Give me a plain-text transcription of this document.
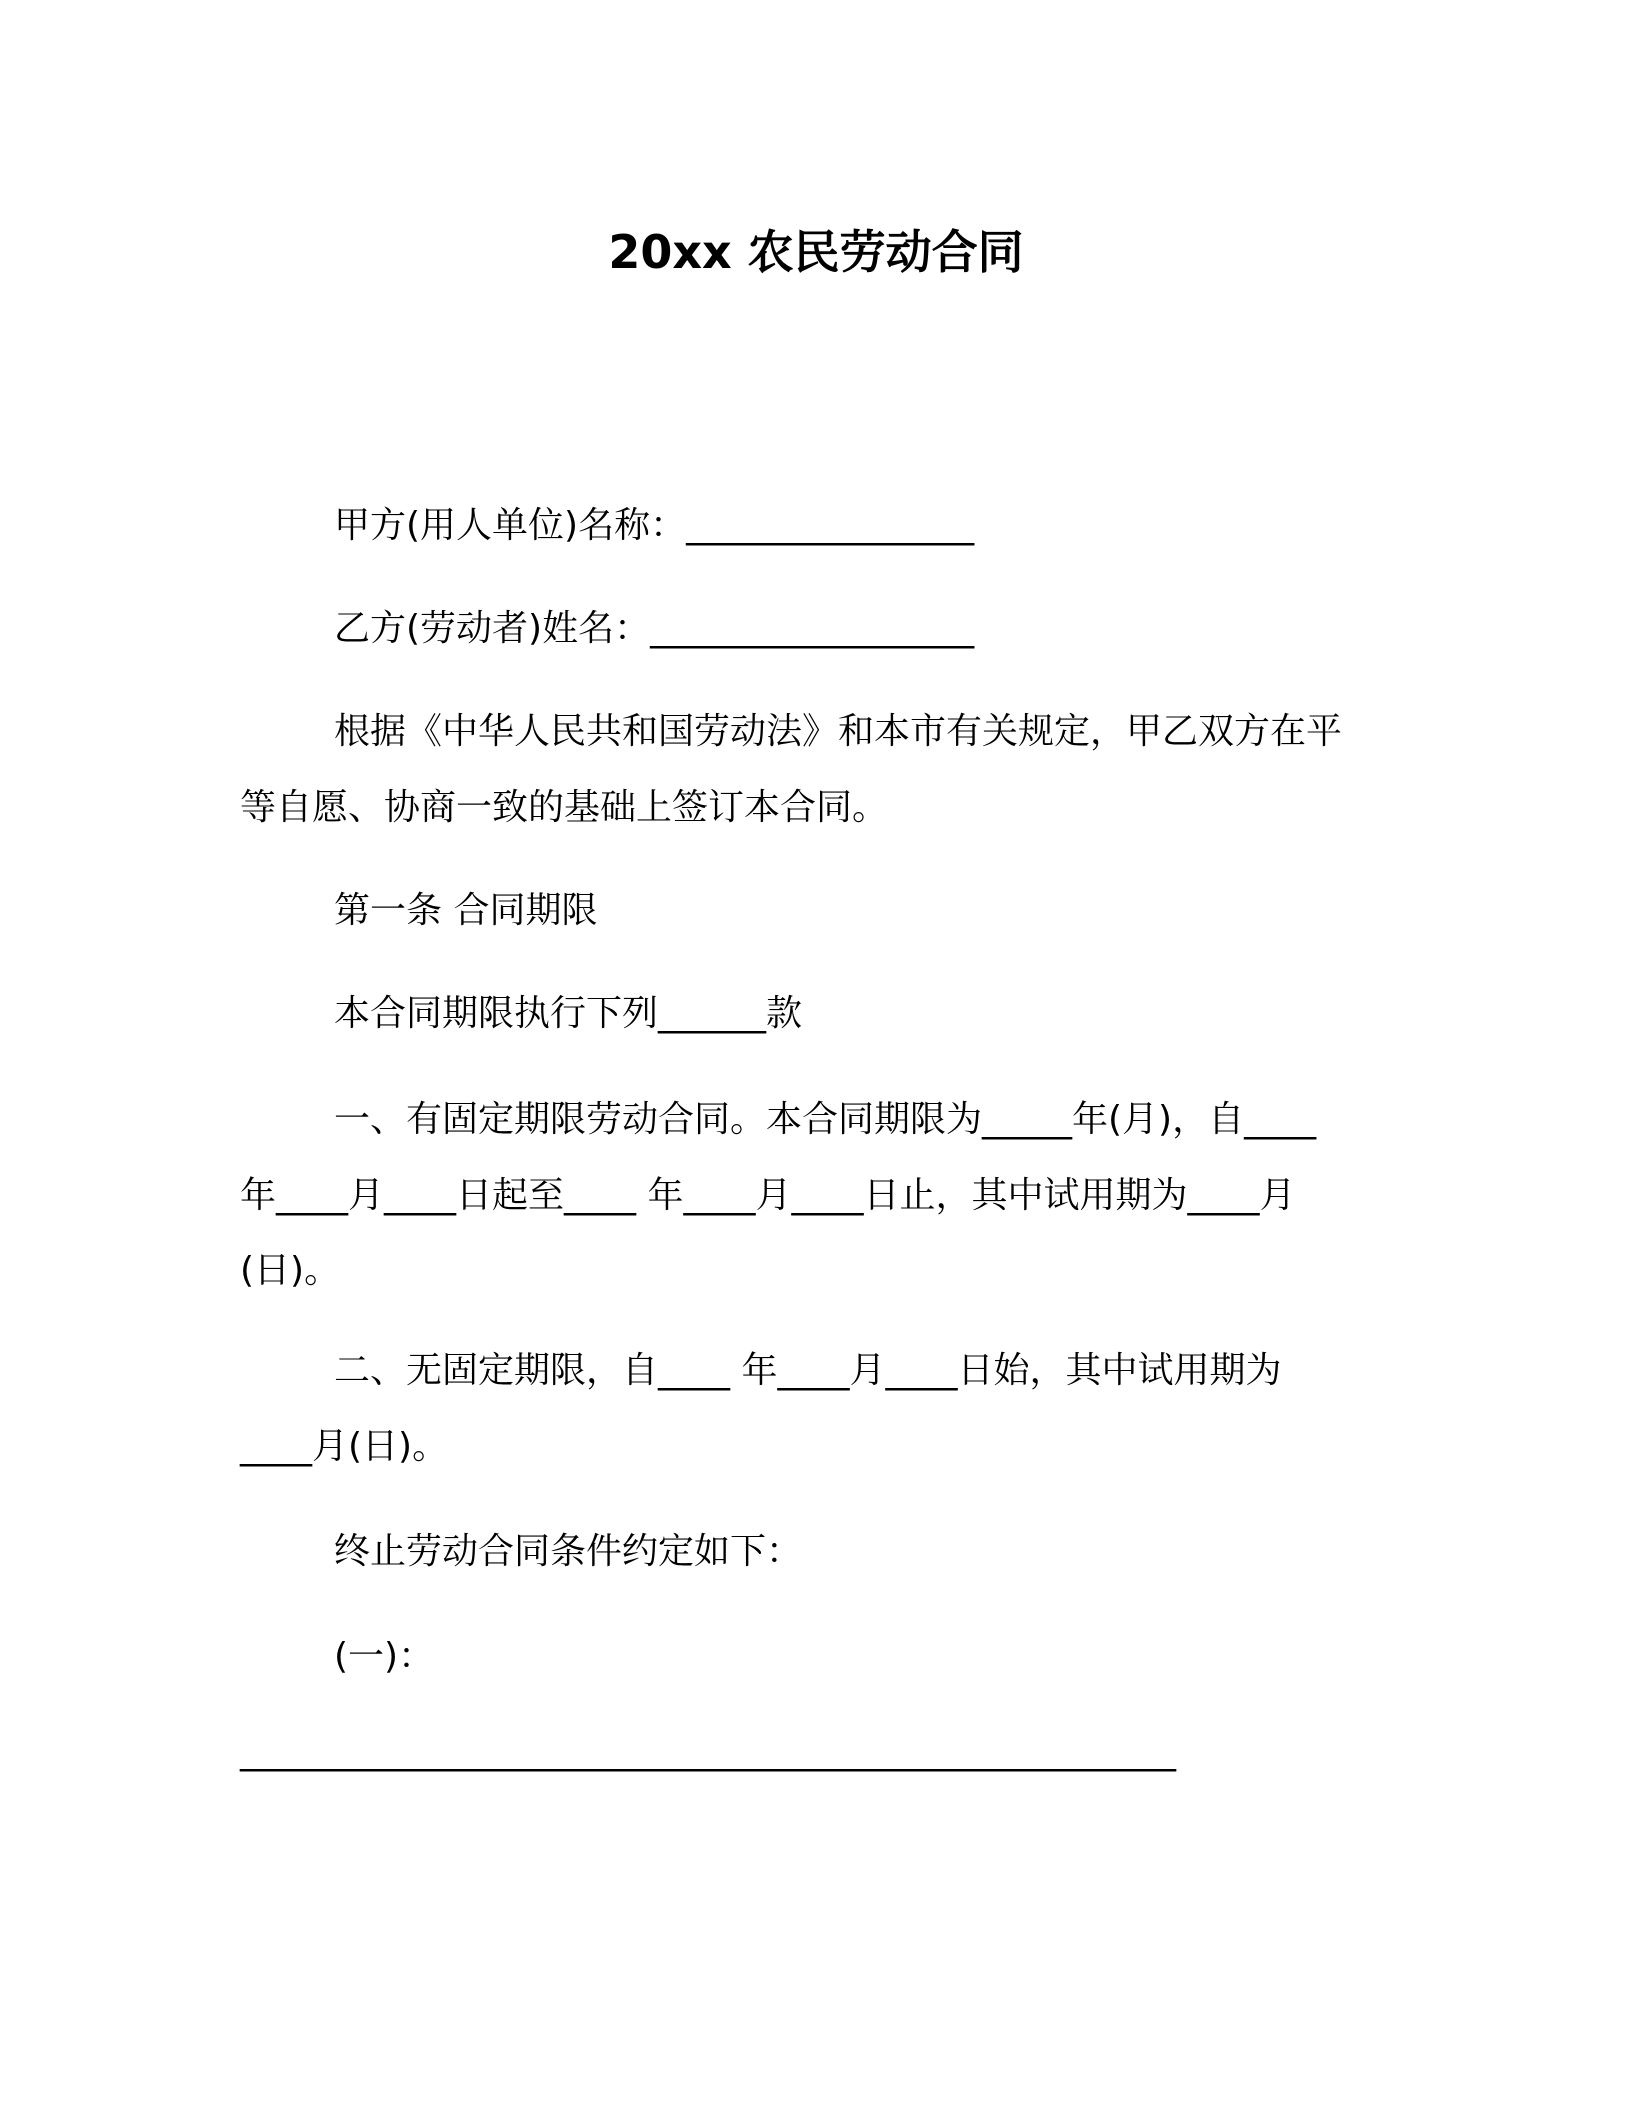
20xx 农民劳动合同
甲方(用人单位)名称：________________
乙方(劳动者)姓名：__________________
根据《中华人民共和国劳动法》和本市有关规定，甲乙双方在平
等自愿、协商一致的基础上签订本合同。
第一条 合同期限
本合同期限执行下列______款
一、有固定期限劳动合同。本合同期限为_____年(月)，自____
年____月____日起至____ 年____月____日止，其中试用期为____月
(日)。
二、无固定期限，自____ 年____月____日始，其中试用期为
____月(日)。
终止劳动合同条件约定如下：
(一)：
____________________________________________________
